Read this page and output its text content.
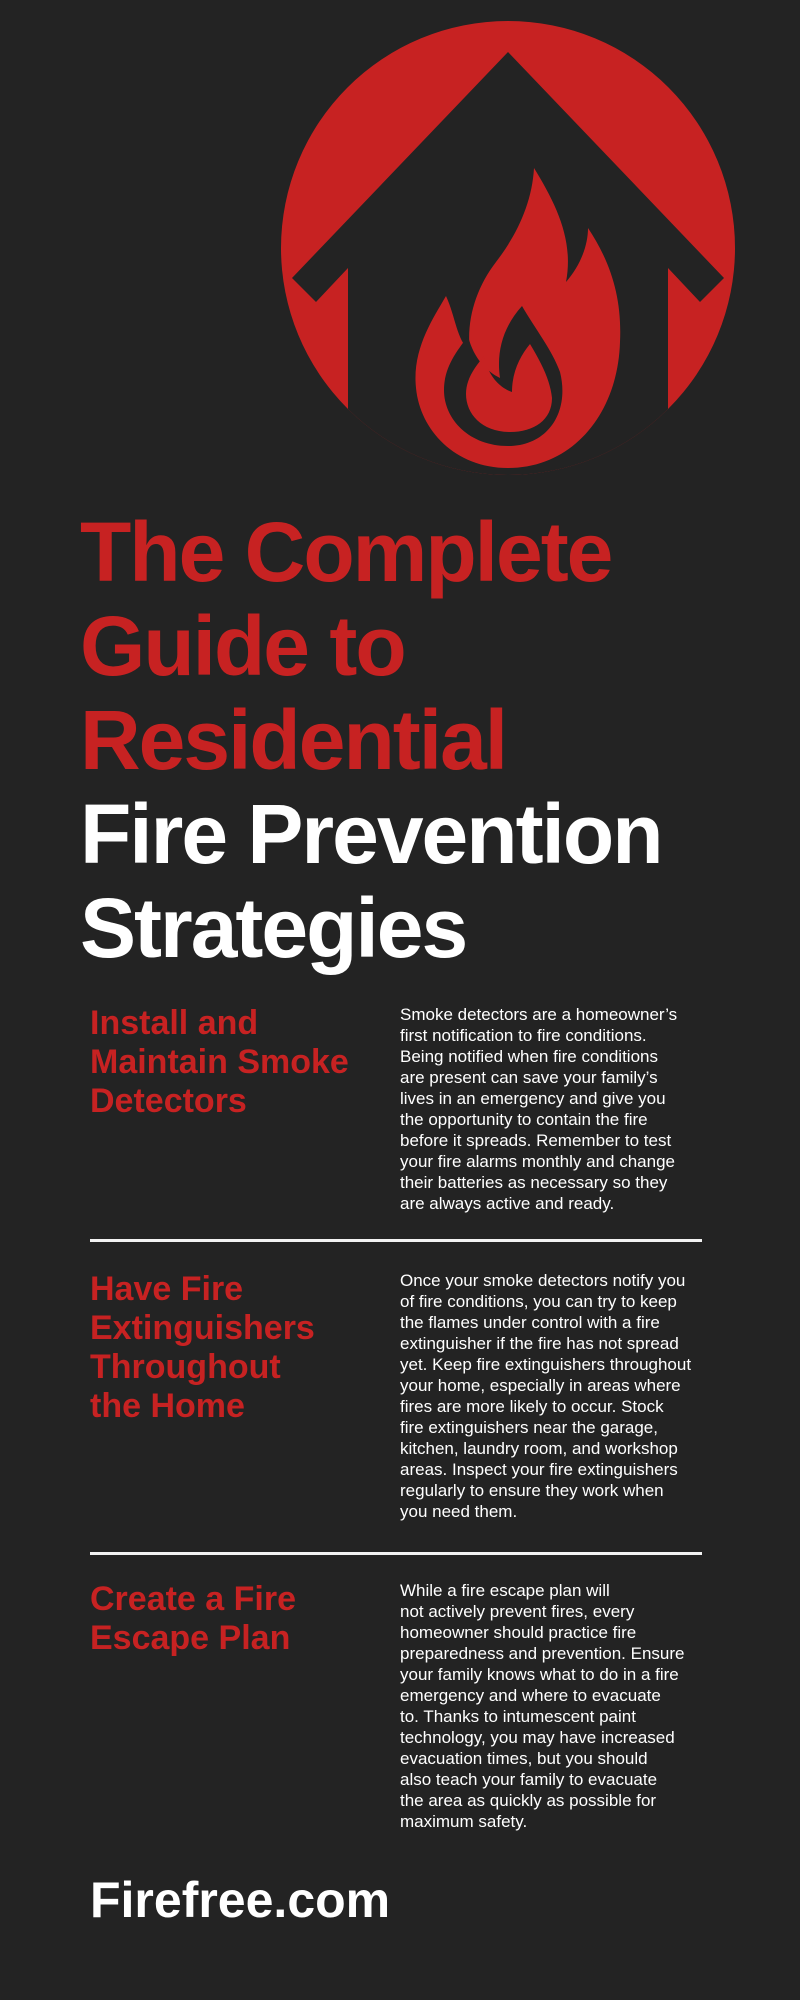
The Complete
Guide to
Residential
Fire Prevention
Strategies
Install and
Maintain Smoke
Detectors

Smoke detectors are a homeowner’s
first notification to fire conditions.
Being notified when fire conditions
are present can save your family’s
lives in an emergency and give you
the opportunity to contain the fire
before it spreads. Remember to test
your fire alarms monthly and change
their batteries as necessary so they
are always active and ready.

Have Fire
Extinguishers
Throughout
the Home

Once your smoke detectors notify you
of fire conditions, you can try to keep
the flames under control with a fire
extinguisher if the fire has not spread
yet. Keep fire extinguishers throughout
your home, especially in areas where
fires are more likely to occur. Stock
fire extinguishers near the garage,
kitchen, laundry room, and workshop
areas. Inspect your fire extinguishers
regularly to ensure they work when
you need them.

Create a Fire
Escape Plan

While a fire escape plan will
not actively prevent fires, every
homeowner should practice fire
preparedness and prevention. Ensure
your family knows what to do in a fire
emergency and where to evacuate
to. Thanks to intumescent paint
technology, you may have increased
evacuation times, but you should
also teach your family to evacuate
the area as quickly as possible for
maximum safety.

Firefree.com
